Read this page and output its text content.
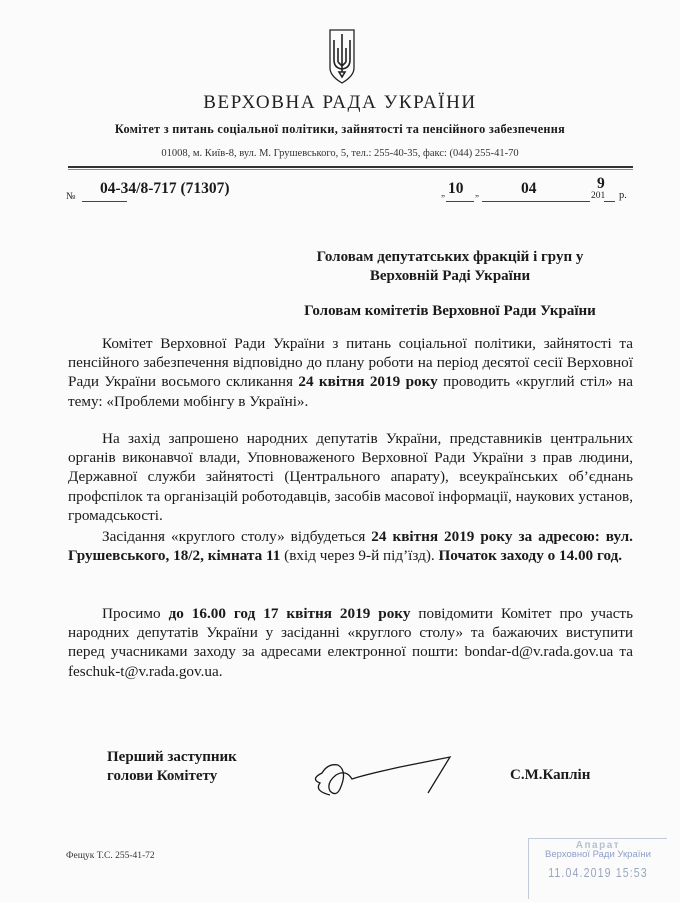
ВЕРХОВНА РАДА УКРАЇНИ
Комітет з питань соціальної політики, зайнятості та пенсійного забезпечення
01008, м. Київ-8, вул. М. Грушевського, 5, тел.: 255-40-35, факс: (044) 255-41-70
№ 04-34/8-717 (71307)	„ 10 „	04	201
9
р.
Головам депутатських фракцій і груп у
Верховній Раді України
Головам комітетів Верховної Ради України

Комітет Верховної Ради України з питань соціальної політики, зайнятості та пенсійного забезпечення відповідно до плану роботи на період десятої сесії Верховної Ради України восьмого скликання 24 квітня 2019 року проводить «круглий стіл» на тему: «Проблеми мобінгу в Україні».

На захід запрошено народних депутатів України, представників центральних органів виконавчої влади, Уповноваженого Верховної Ради України з прав людини, Державної служби зайнятості (Центрального апарату), всеукраїнських об’єднань профспілок та організацій роботодавців, засобів масової інформації, наукових установ, громадськості.

Засідання «круглого столу» відбудеться 24 квітня 2019 року за адресою: вул. Грушевського, 18/2, кімната 11 (вхід через 9-й під’їзд). Початок заходу о 14.00 год.

Просимо до 16.00 год 17 квітня 2019 року повідомити Комітет про участь народних депутатів України у засіданні «круглого столу» та бажаючих виступити перед учасниками заходу за адресами електронної пошти: bondar-d@v.rada.gov.ua та feschuk-t@v.rada.gov.ua.

Перший заступник
голови Комітету	С.М.Каплін
Фещук Т.С. 255-41-72
Апарат
Верховної Ради України
11.04.2019 15:53
